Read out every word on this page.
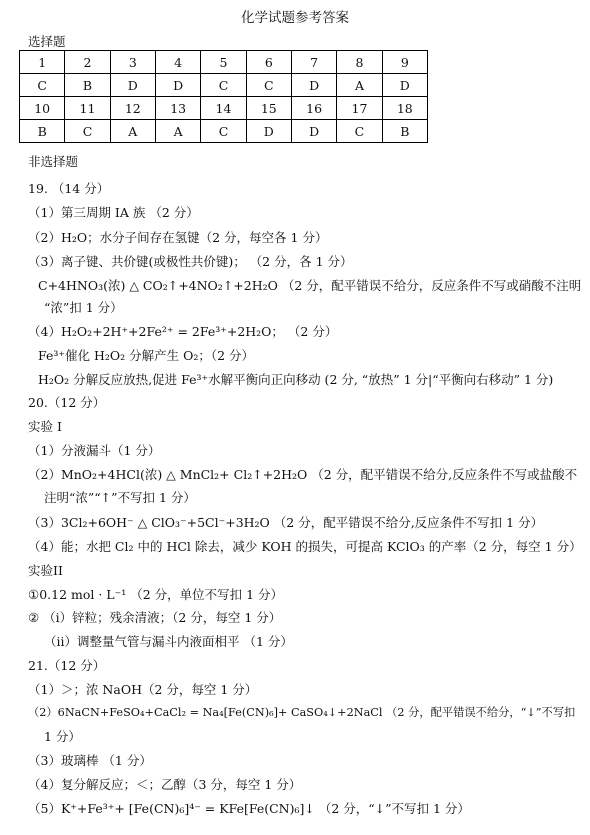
化学试题参考答案
选择题
1	2	3	4	5	6	7	8	9
C	B	D	D	C	C	D	A	D
10	11	12	13	14	15	16	17	18
B	C	A	A	C	D	D	C	B
非选择题
19. （14 分）
（1）第三周期 ⅠA 族 （2 分）
（2）H₂O；水分子间存在氢键（2 分，每空各 1 分）
（3）离子键、共价键(或极性共价键)； （2 分，各 1 分）
C+4HNO₃(浓) △ CO₂↑+4NO₂↑+2H₂O （2 分，配平错误不给分，反应条件不写或硝酸不注明
“浓”扣 1 分）
（4）H₂O₂+2H⁺+2Fe²⁺ = 2Fe³⁺+2H₂O； （2 分）
Fe³⁺催化 H₂O₂ 分解产生 O₂；（2 分）
H₂O₂ 分解反应放热,促进 Fe³⁺水解平衡向正向移动 (2 分, “放热” 1 分|“平衡向右移动” 1 分)
20.（12 分）
实验 I
（1）分液漏斗（1 分）
（2）MnO₂+4HCl(浓) △ MnCl₂+ Cl₂↑+2H₂O （2 分，配平错误不给分,反应条件不写或盐酸不
注明“浓”“↑”不写扣 1 分）
（3）3Cl₂+6OH⁻ △ ClO₃⁻+5Cl⁻+3H₂O （2 分，配平错误不给分,反应条件不写扣 1 分）
（4）能；水把 Cl₂ 中的 HCl 除去，减少 KOH 的损失，可提高 KClO₃ 的产率（2 分，每空 1 分）
实验II
①0.12 mol · L⁻¹ （2 分，单位不写扣 1 分）
② （i）锌粒；残余清液；（2 分，每空 1 分）
（ii）调整量气管与漏斗内液面相平 （1 分）
21.（12 分）
（1）＞；浓 NaOH（2 分，每空 1 分）
（2）6NaCN+FeSO₄+CaCl₂ = Na₄[Fe(CN)₆]+ CaSO₄↓+2NaCl （2 分，配平错误不给分，“↓”不写扣
1 分）
（3）玻璃棒 （1 分）
（4）复分解反应；＜；乙醇（3 分，每空 1 分）
（5）K⁺+Fe³⁺+ [Fe(CN)₆]⁴⁻ = KFe[Fe(CN)₆]↓ （2 分，“↓”不写扣 1 分）
